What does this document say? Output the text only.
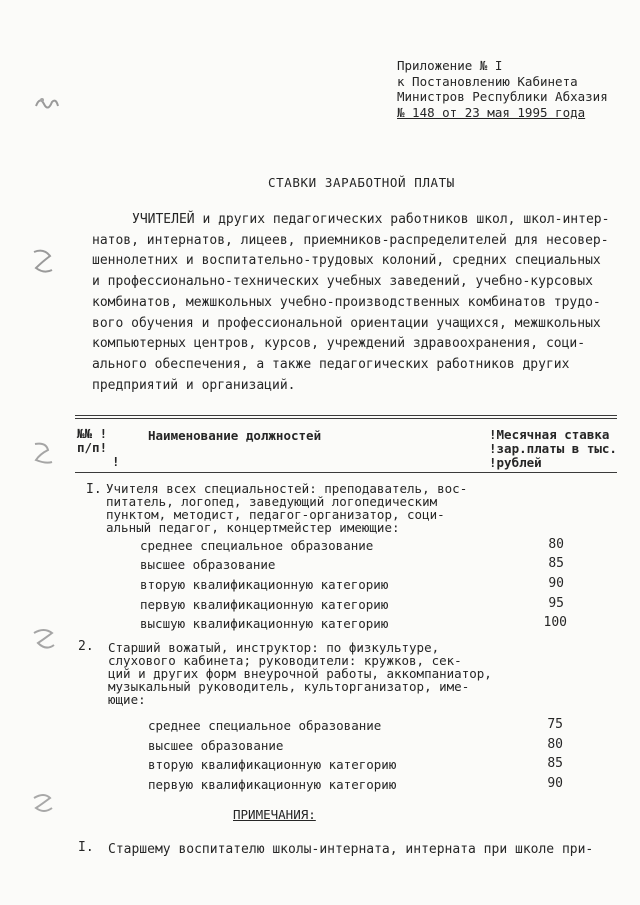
Приложение № I
к Постановлению Кабинета
Министров Республики Абхазия
№ 148 от 23 мая 1995 года
СТАВКИ ЗАРАБОТНОЙ ПЛАТЫ
УЧИТЕЛЕЙ и других педагогических работников школ, школ-интер-
натов, интернатов, лицеев, приемников-распределителей для несовер-
шеннолетних и воспитательно-трудовых колоний, средних специальных
и профессионально-технических учебных заведений, учебно-курсовых
комбинатов, межшкольных учебно-производственных комбинатов трудо-
вого обучения и профессиональной ориентации учащихся, межшкольных
компьютерных центров, курсов, учреждений здравоохранения, соци-
ального обеспечения, а также педагогических работников других
предприятий и организаций.
№№ !
п/п!
!
Наименование должностей	!Месячная ставка
!зар.платы в тыс.
!рублей
I. Учителя всех специальностей: преподаватель, вос-
питатель, логопед, заведующий логопедическим
пунктом, методист, педагог-организатор, соци-
альный педагог, концертмейстер имеющие:
среднее специальное образование	80
высшее образование	85
вторую квалификационную категорию	90
первую квалификационную категорию	95
высшую квалификационную категорию	100
2. Старший вожатый, инструктор: по физкультуре,
слухового кабинета; руководители: кружков, сек-
ций и других форм внеурочной работы, аккомпаниатор,
музыкальный руководитель, культорганизатор, име-
ющие:
среднее специальное образование	75
высшее образование	80
вторую квалификационную категорию	85
первую квалификационную категорию	90
ПРИМЕЧАНИЯ:
I. Старшему воспитателю школы-интерната, интерната при школе при-
